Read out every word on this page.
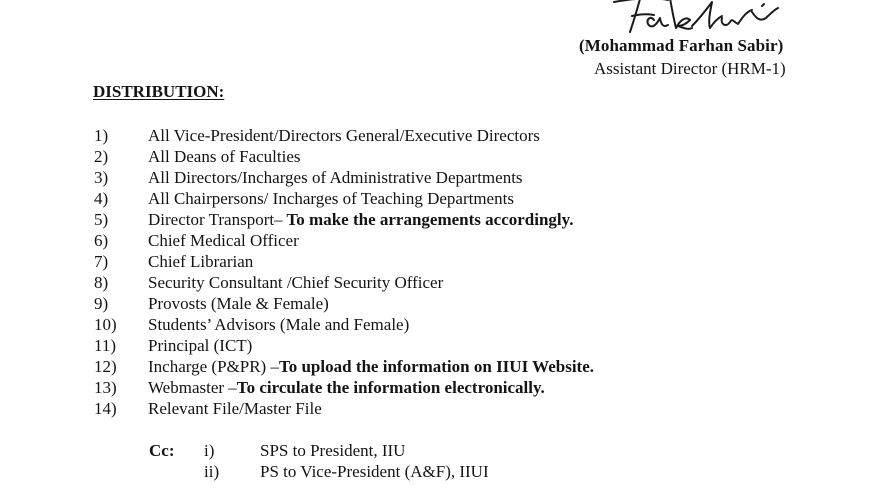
(Mohammad Farhan Sabir)
Assistant Director (HRM-1)
DISTRIBUTION:
1) All Vice-President/Directors General/Executive Directors
2) All Deans of Faculties
3) All Directors/Incharges of Administrative Departments
4) All Chairpersons/ Incharges of Teaching Departments
5) Director Transport– To make the arrangements accordingly.
6) Chief Medical Officer
7) Chief Librarian
8) Security Consultant /Chief Security Officer
9) Provosts (Male & Female)
10) Students’ Advisors (Male and Female)
11) Principal (ICT)
12) Incharge (P&PR) –To upload the information on IIUI Website.
13) Webmaster –To circulate the information electronically.
14) Relevant File/Master File
Cc: i)	SPS to President, IIU
ii) PS to Vice-President (A&F), IIUI
